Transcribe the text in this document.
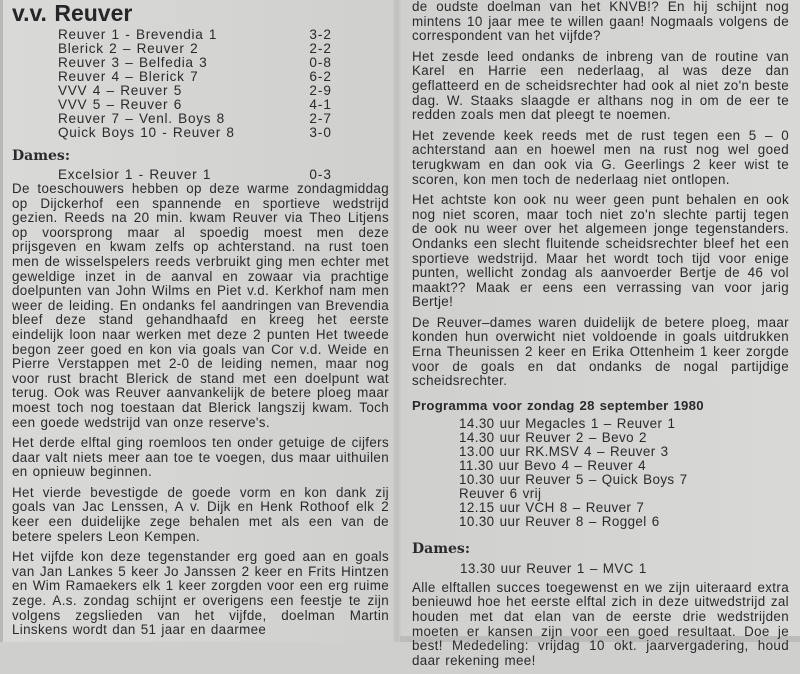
v.v. Reuver
Reuver 1 - Brevendia 1	3-2
Blerick 2 – Reuver 2	2-2
Reuver 3 – Belfedia 3	0-8
Reuver 4 – Blerick 7	6-2
VVV 4 – Reuver 5	2-9
VVV 5 – Reuver 6	4-1
Reuver 7 – Venl. Boys 8	2-7
Quick Boys 10 - Reuver 8	3-0
Dames:
Excelsior 1 - Reuver 1	0-3

De toeschouwers hebben op deze warme zondagmiddag op Dijckerhof een spannende en sportieve wedstrijd gezien. Reeds na 20 min. kwam Reuver via Theo Litjens op voorsprong maar al spoedig moest men deze prijsgeven en kwam zelfs op achterstand. na rust toen men de wisselspelers reeds verbruikt ging men echter met geweldige inzet in de aanval en zowaar via prachtige doelpunten van John Wilms en Piet v.d. Kerkhof nam men weer de leiding. En ondanks fel aandringen van Brevendia bleef deze stand gehandhaafd en kreeg het eerste eindelijk loon naar werken met deze 2 punten Het tweede begon zeer goed en kon via goals van Cor v.d. Weide en Pierre Verstappen met 2-0 de leiding nemen, maar nog voor rust bracht Blerick de stand met een doelpunt wat terug. Ook was Reuver aanvankelijk de betere ploeg maar moest toch nog toestaan dat Blerick langszij kwam. Toch een goede wedstrijd van onze reserve's.

Het derde elftal ging roemloos ten onder getuige de cijfers daar valt niets meer aan toe te voegen, dus maar uithuilen en opnieuw beginnen.

Het vierde bevestigde de goede vorm en kon dank zij goals van Jac Lenssen, A v. Dijk en Henk Rothoof elk 2 keer een duidelijke zege behalen met als een van de betere spelers Leon Kempen.

Het vijfde kon deze tegenstander erg goed aan en goals van Jan Lankes 5 keer Jo Janssen 2 keer en Frits Hintzen en Wim Ramaekers elk 1 keer zorgden voor een erg ruime zege. A.s. zondag schijnt er overigens een feestje te zijn volgens zegslieden van het vijfde, doelman Martin Linskens wordt dan 51 jaar en daarmee

de oudste doelman van het KNVB!? En hij schijnt nog mintens 10 jaar mee te willen gaan! Nogmaals volgens de correspondent van het vijfde?

Het zesde leed ondanks de inbreng van de routine van Karel en Harrie een nederlaag, al was deze dan geflatteerd en de scheidsrechter had ook al niet zo'n beste dag. W. Staaks slaagde er althans nog in om de eer te redden zoals men dat pleegt te noemen.

Het zevende keek reeds met de rust tegen een 5 – 0 achterstand aan en hoewel men na rust nog wel goed terugkwam en dan ook via G. Geerlings 2 keer wist te scoren, kon men toch de nederlaag niet ontlopen.

Het achtste kon ook nu weer geen punt behalen en ook nog niet scoren, maar toch niet zo'n slechte partij tegen de ook nu weer over het algemeen jonge tegenstanders. Ondanks een slecht fluitende scheidsrechter bleef het een sportieve wedstrijd. Maar het wordt toch tijd voor enige punten, wellicht zondag als aanvoerder Bertje de 46 vol maakt?? Maak er eens een verrassing van voor jarig Bertje!

De Reuver–dames waren duidelijk de betere ploeg, maar konden hun overwicht niet voldoende in goals uitdrukken Erna Theunissen 2 keer en Erika Ottenheim 1 keer zorgde voor de goals en dat ondanks de nogal partijdige scheidsrechter.

Programma voor zondag 28 september 1980
14.30 uur Megacles 1 – Reuver 1
14.30 uur Reuver 2 – Bevo 2
13.00 uur RK.MSV 4 – Reuver 3
11.30 uur Bevo 4 – Reuver 4
10.30 uur Reuver 5 – Quick Boys 7
Reuver 6 vrij
12.15 uur VCH 8 – Reuver 7
10.30 uur Reuver 8 – Roggel 6
Dames:
13.30 uur Reuver 1 – MVC 1

Alle elftallen succes toegewenst en we zijn uiteraard extra benieuwd hoe het eerste elftal zich in deze uitwedstrijd zal houden met dat elan van de eerste drie wedstrijden moeten er kansen zijn voor een goed resultaat. Doe je best! Mededeling: vrijdag 10 okt. jaarvergadering, houd daar rekening mee!
